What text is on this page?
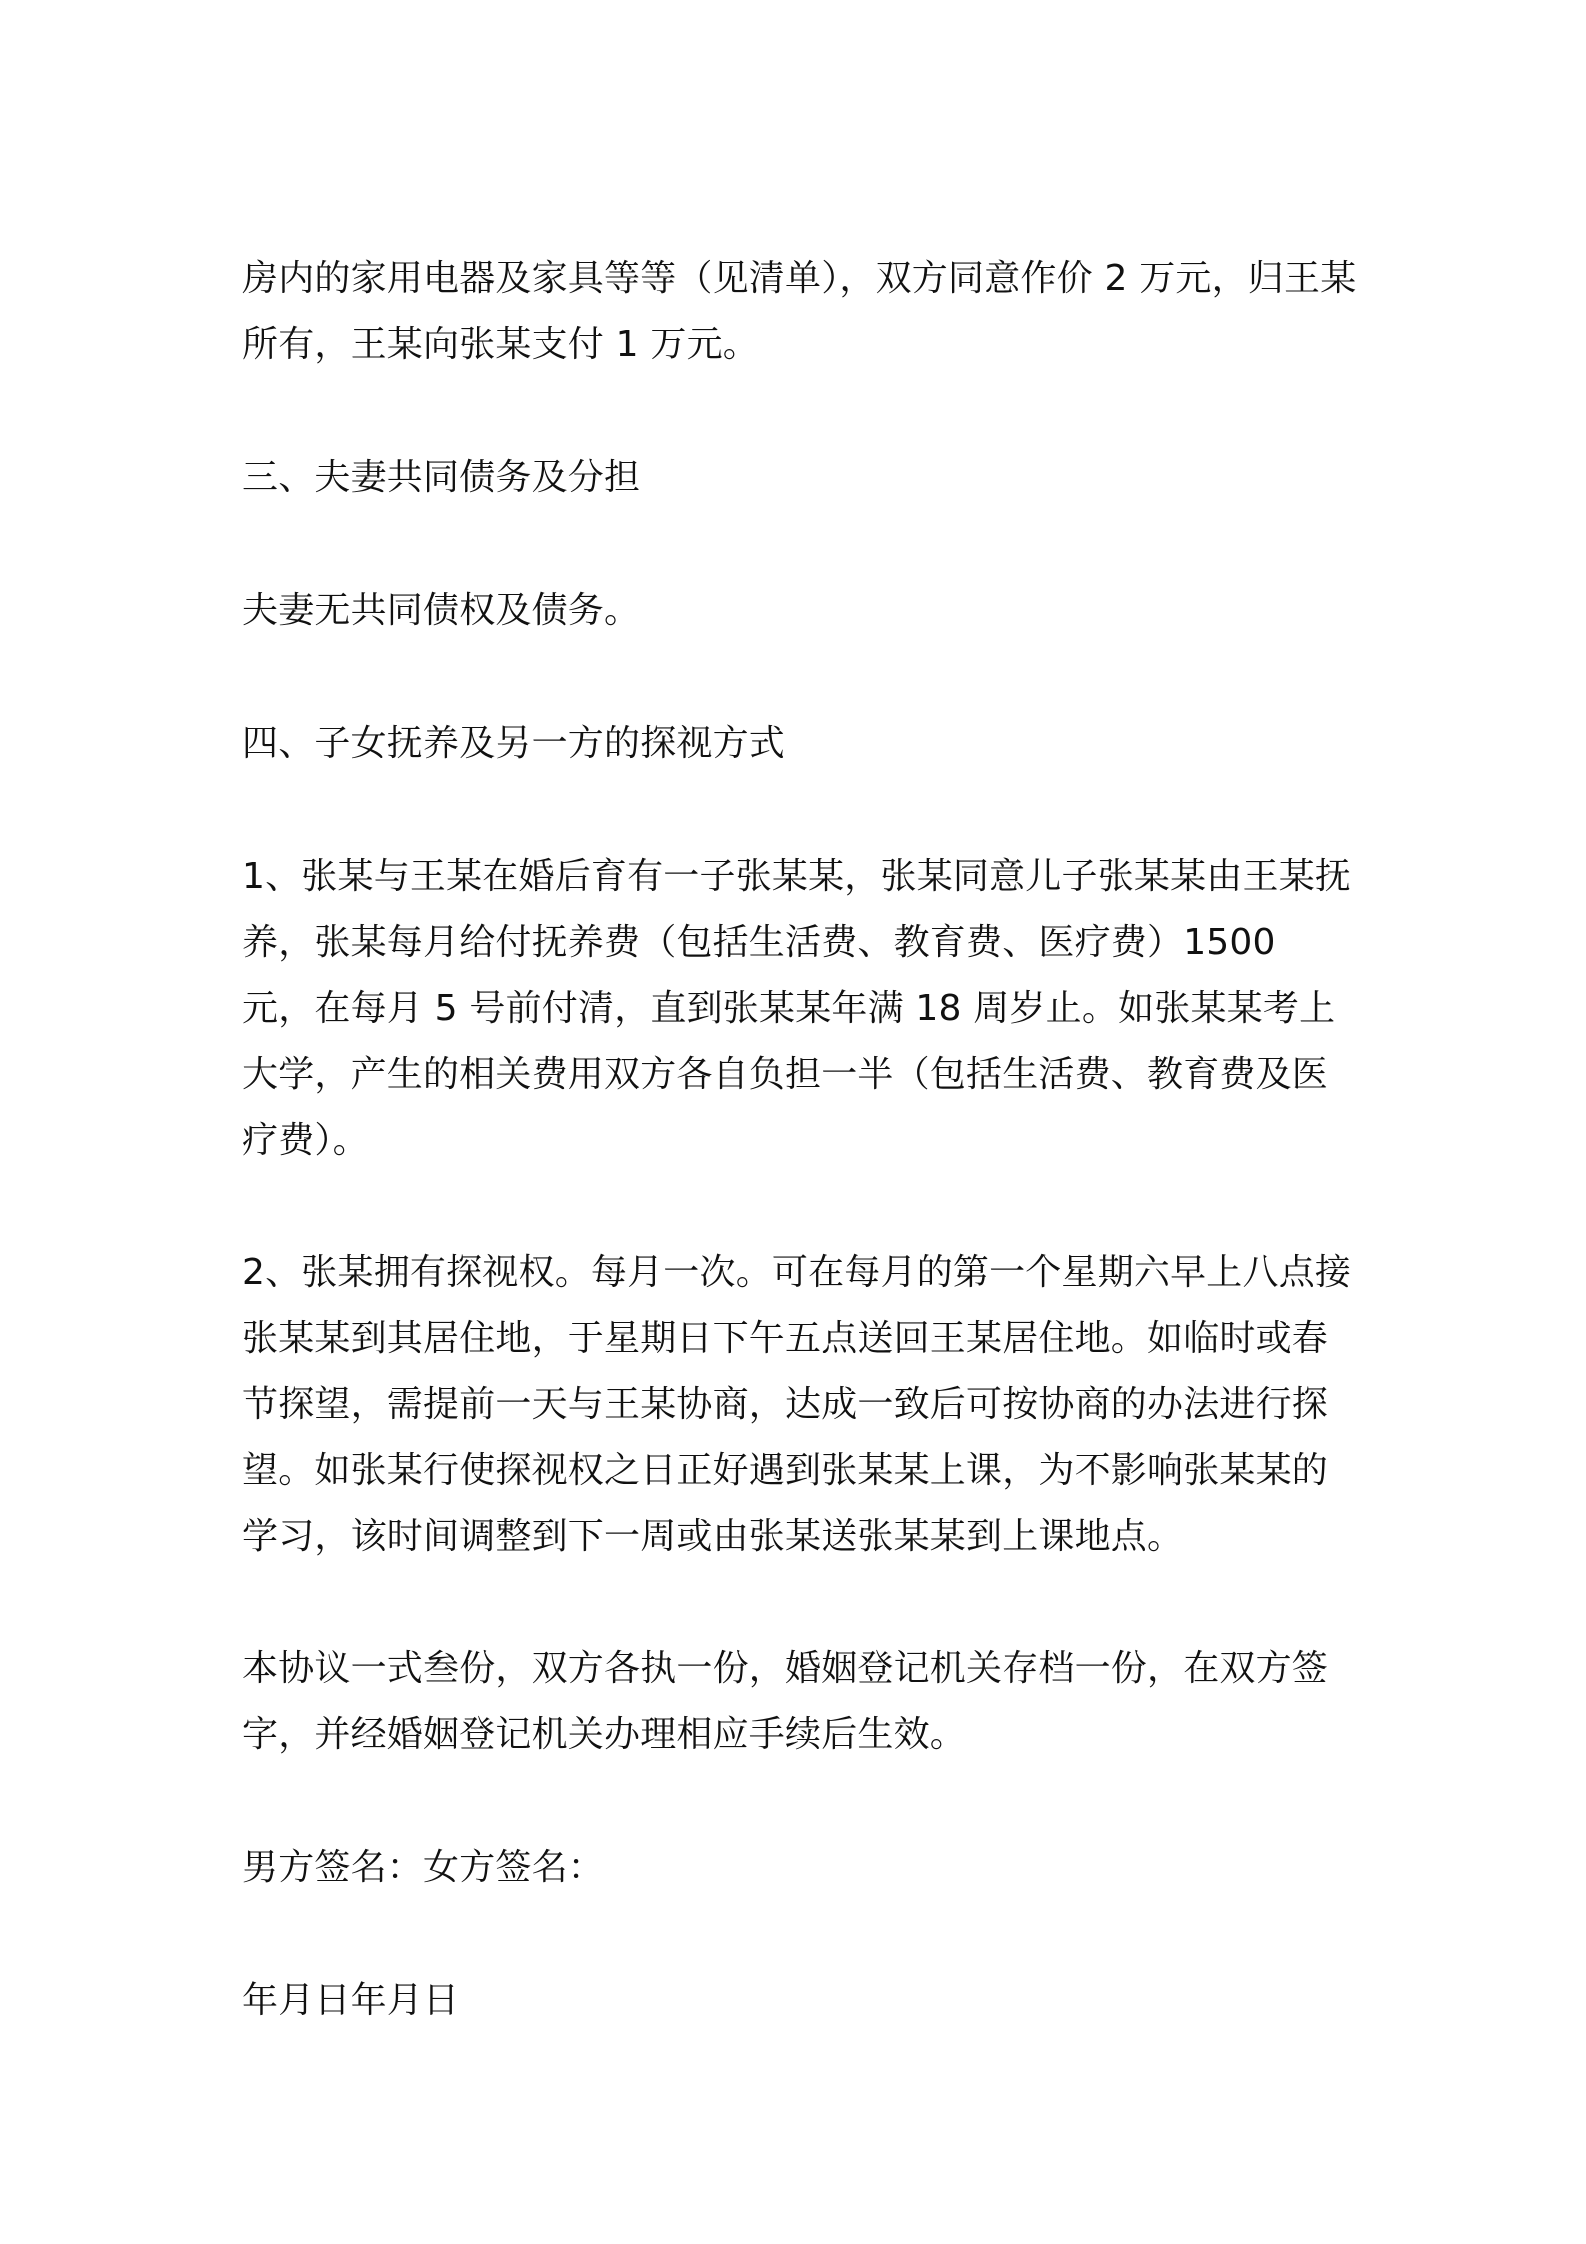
房内的家用电器及家具等等（见清单），双方同意作价 2 万元，归王某所有，王某向张某支付 1 万元。

三、夫妻共同债务及分担

夫妻无共同债权及债务。

四、子女抚养及另一方的探视方式

1、张某与王某在婚后育有一子张某某，张某同意儿子张某某由王某抚养，张某每月给付抚养费（包括生活费、教育费、医疗费）1500 元，在每月 5 号前付清，直到张某某年满 18 周岁止。如张某某考上大学，产生的相关费用双方各自负担一半（包括生活费、教育费及医疗费）。

2、张某拥有探视权。每月一次。可在每月的第一个星期六早上八点接张某某到其居住地，于星期日下午五点送回王某居住地。如临时或春节探望，需提前一天与王某协商，达成一致后可按协商的办法进行探望。如张某行使探视权之日正好遇到张某某上课，为不影响张某某的学习，该时间调整到下一周或由张某送张某某到上课地点。

本协议一式叁份，双方各执一份，婚姻登记机关存档一份，在双方签字，并经婚姻登记机关办理相应手续后生效。

男方签名：女方签名：

年月日年月日
